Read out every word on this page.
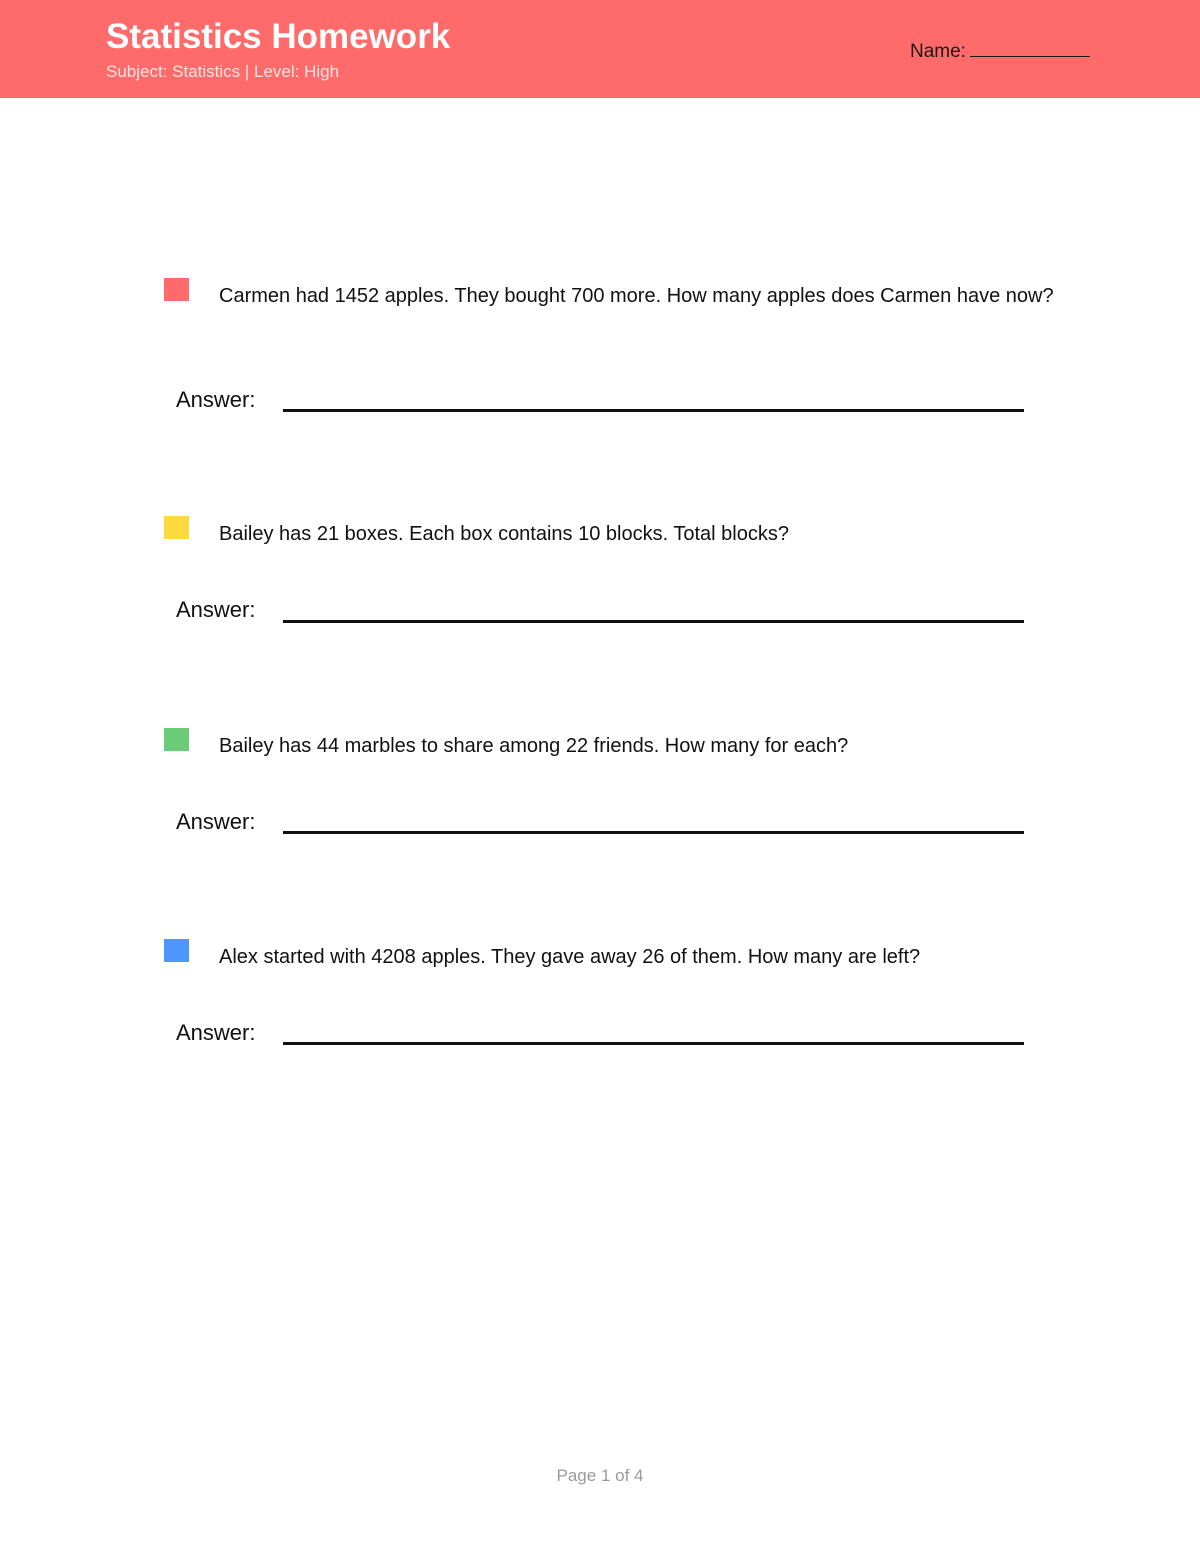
Statistics Homework
Subject: Statistics | Level: High
Name:
Carmen had 1452 apples. They bought 700 more. How many apples does Carmen have now?
Answer:
Bailey has 21 boxes. Each box contains 10 blocks. Total blocks?
Answer:
Bailey has 44 marbles to share among 22 friends. How many for each?
Answer:
Alex started with 4208 apples. They gave away 26 of them. How many are left?
Answer:
Page 1 of 4
